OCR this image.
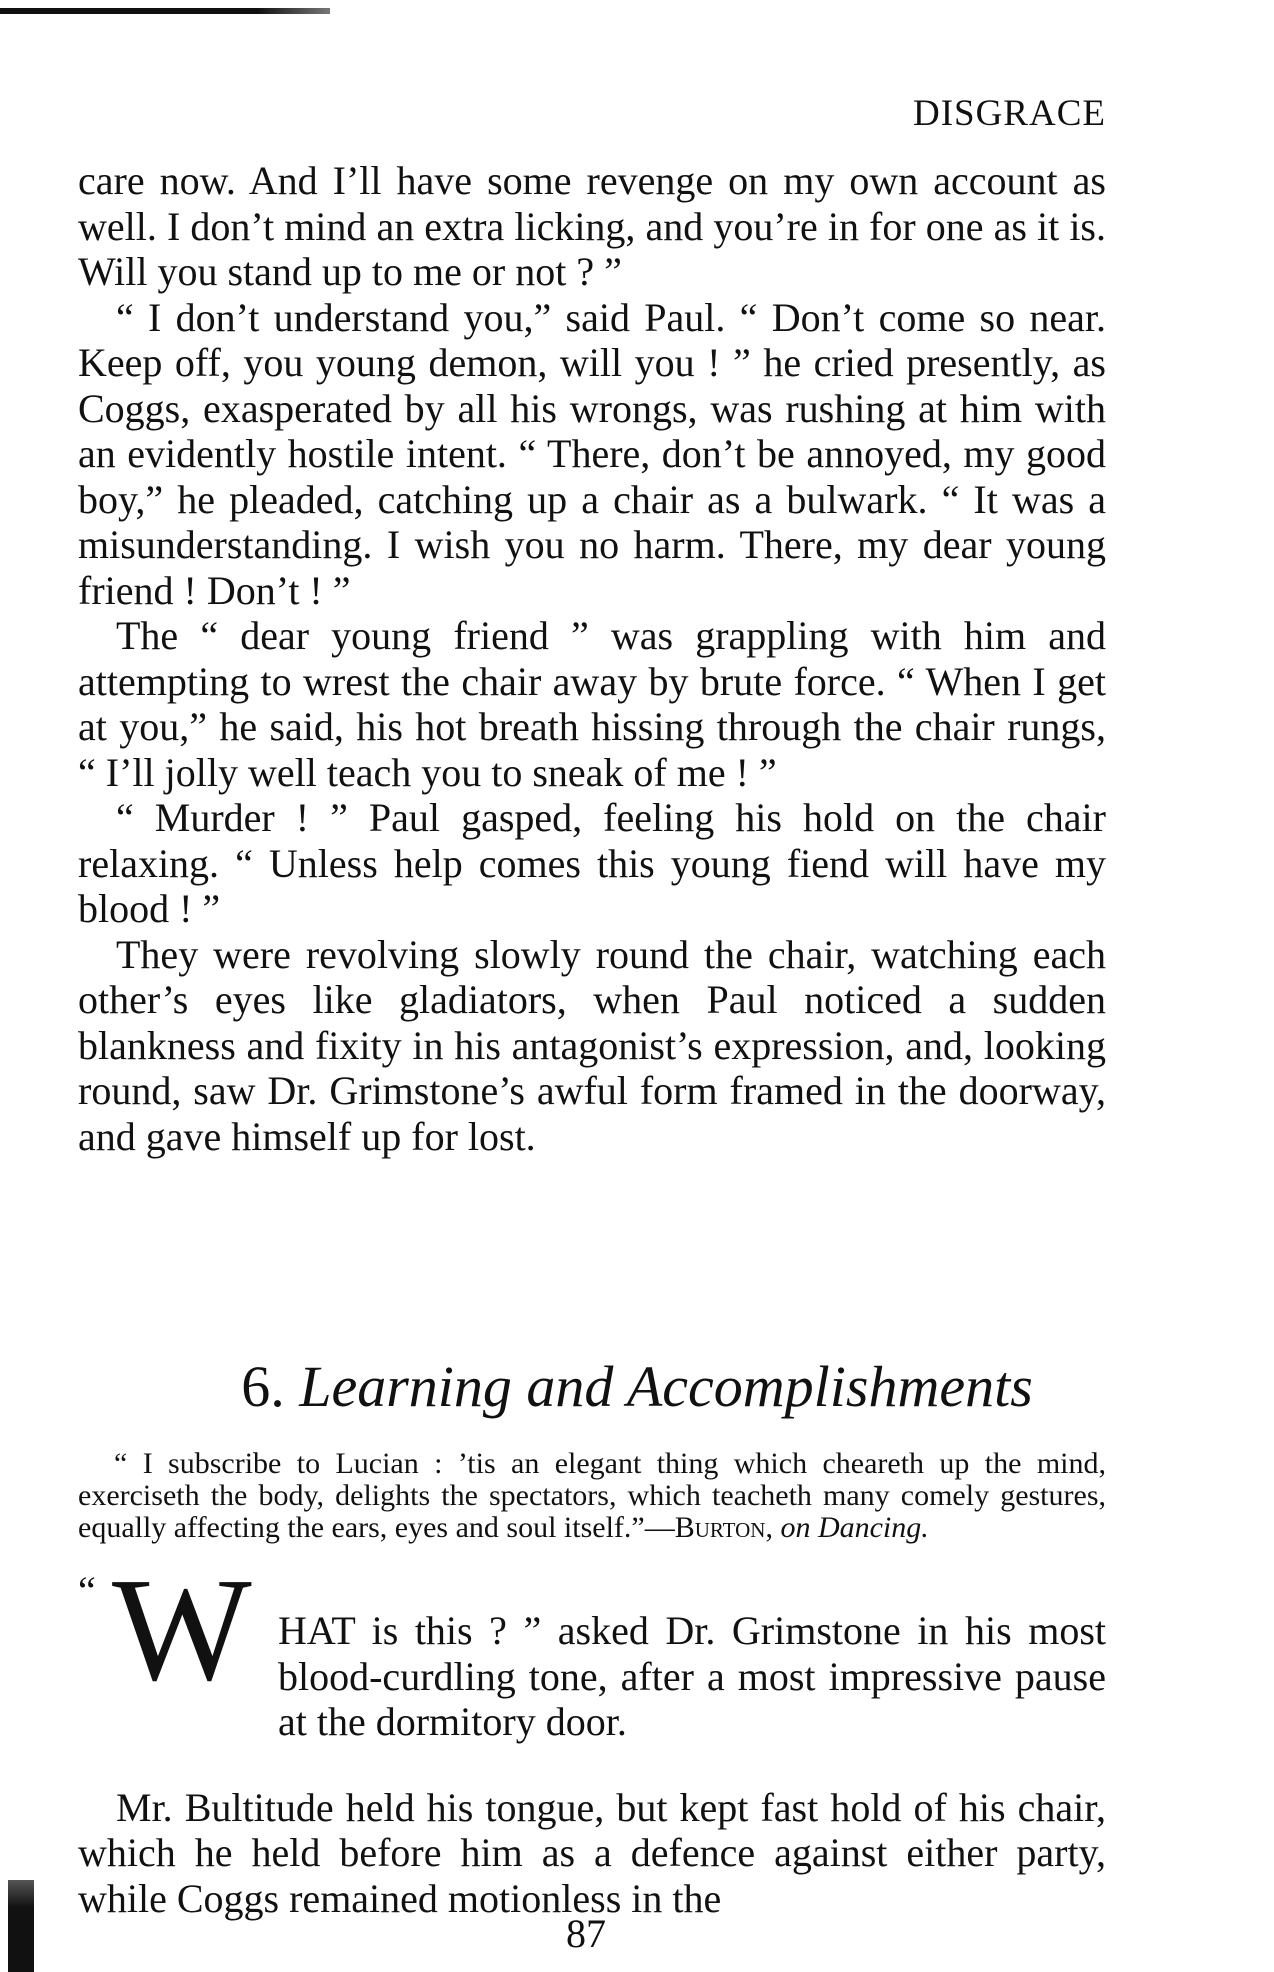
DISGRACE

care now. And I’ll have some revenge on my own account as well. I don’t mind an extra licking, and you’re in for one as it is. Will you stand up to me or not ? ”

“ I don’t understand you,” said Paul. “ Don’t come so near. Keep off, you young demon, will you ! ” he cried presently, as Coggs, exasperated by all his wrongs, was rushing at him with an evidently hostile intent. “ There, don’t be annoyed, my good boy,” he pleaded, catching up a chair as a bulwark. “ It was a misunderstanding. I wish you no harm. There, my dear young friend ! Don’t ! ”

The “ dear young friend ” was grappling with him and attempting to wrest the chair away by brute force. “ When I get at you,” he said, his hot breath hissing through the chair rungs, “ I’ll jolly well teach you to sneak of me ! ”

“ Murder ! ” Paul gasped, feeling his hold on the chair relaxing. “ Unless help comes this young fiend will have my blood ! ”

They were revolving slowly round the chair, watching each other’s eyes like gladiators, when Paul noticed a sudden blankness and fixity in his antagonist’s expression, and, looking round, saw Dr. Grimstone’s awful form framed in the doorway, and gave himself up for lost.

6. Learning and Accomplishments
“ I subscribe to Lucian : ’tis an elegant thing which cheareth up the mind, exerciseth the body, delights the spectators, which teacheth many comely gestures, equally affecting the ears, eyes and soul itself.”—Burton, on Dancing.
“ W HAT is this ? ” asked Dr. Grimstone in his most blood-curdling tone, after a most impressive pause at the dormitory door.

Mr. Bultitude held his tongue, but kept fast hold of his chair, which he held before him as a defence against either party, while Coggs remained motionless in the

87
